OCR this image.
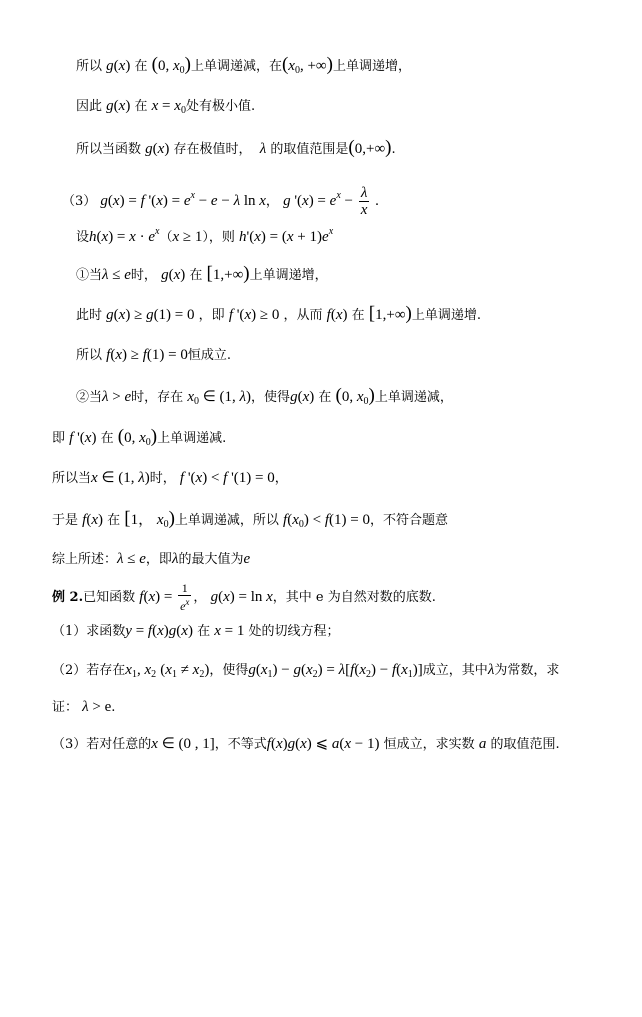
所以 g(x) 在 (0, $x_0$)上单调递减，在($x_0$, +∞)上单调递增，
因此 g(x) 在 $x = x_0$处有极小值.
所以当函数 g(x) 存在极值时， λ 的取值范围是(0,+∞).
（3） g(x) = f '$(x) = e^x - e - \lambda$ ln x， g '$(x) = e^x - \frac{\lambda}{x}$ .
设$h(x) = x \cdot e^x(x \ge 1)$，则 $h'(x) = (x + 1)e^x$
①当λ ≤ e时， g(x) 在 [1,+∞)上单调递增，
此时 g(x) ≥ g(1) = 0 ，即 f '(x) ≥ 0 ，从而 f(x) 在 [1,+∞)上单调递增.
所以 f(x) ≥ f(1) = 0恒成立.
②当λ > e时，存在 $x_0$ ∈ (1, λ)，使得g(x) 在 (0, $x_0$)上单调递减，
即 f '(x) 在 (0, $x_0$)上单调递减.
所以当x ∈ (1, λ)时， f '(x) < f '(1) = 0，
于是 f(x) 在 [1， $x_0$)上单调递减，所以 $f(x_0) < f(1) = 0$，不符合题意
综上所述：λ ≤ e，即λ的最大值为e
例 2.已知函数 $f(x) = \frac{1}{e^x}$ ， g(x) = ln x，其中 e 为自然对数的底数.
（1）求函数y = f(x)g(x) 在 x = 1 处的切线方程；
（2）若存在$x_1$, $x_2$ $(x_1 \ne x_2)$，使得$g(x_1) - g(x_2) = \lambda[f(x_2) - f(x_1)]$成立，其中λ为常数，求
证： λ > e.
（3）若对任意的x ∈ (0 , 1]，不等式f(x)g(x) ⩽ a(x − 1) 恒成立，求实数 a 的取值范围.
